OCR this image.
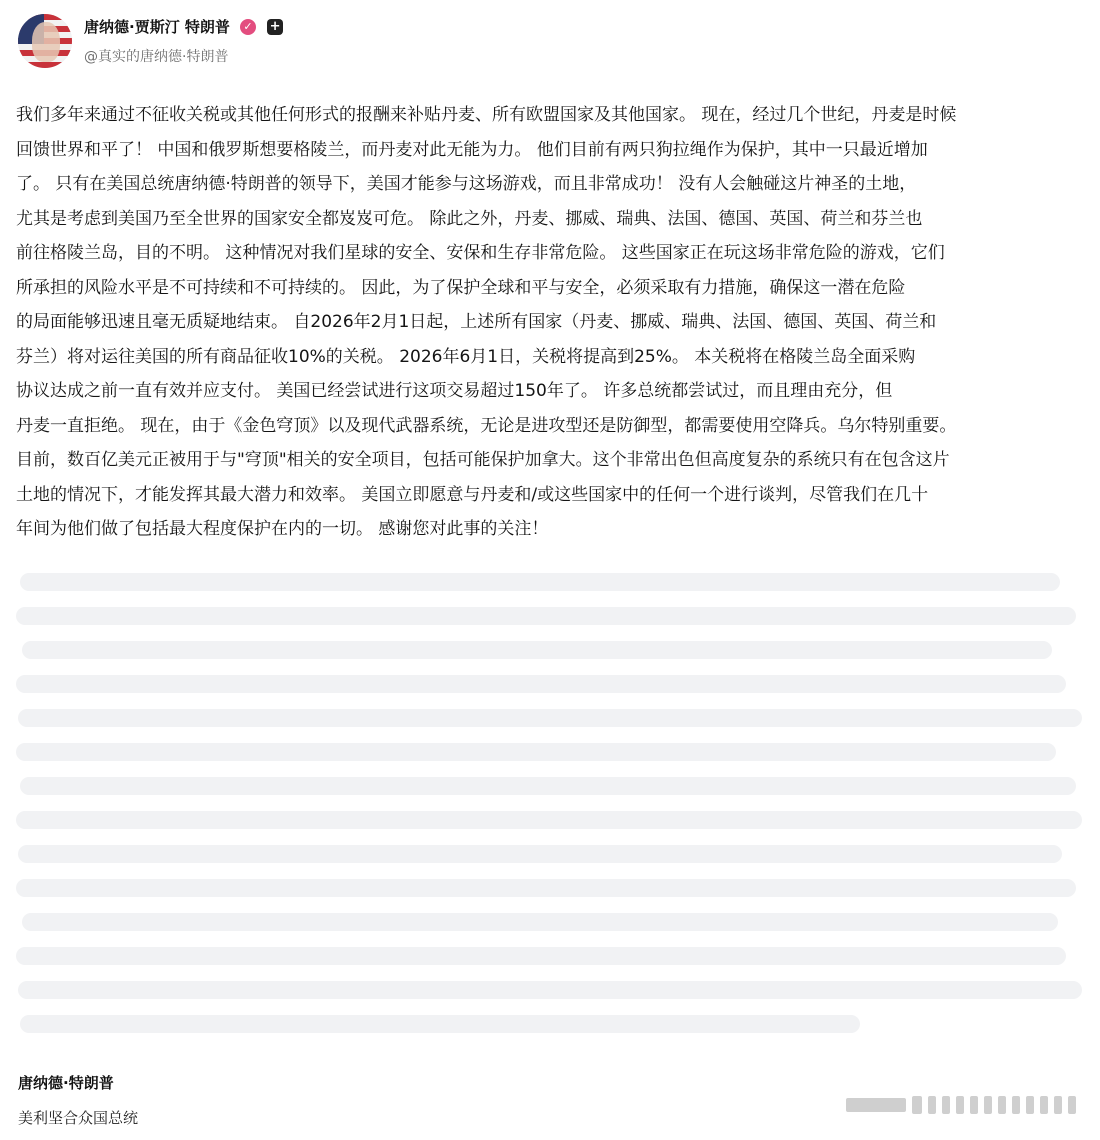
唐纳德·贾斯汀 特朗普 ✓ +
@真实的唐纳德·特朗普
我们多年来通过不征收关税或其他任何形式的报酬来补贴丹麦、所有欧盟国家及其他国家。 现在，经过几个世纪，丹麦是时候
回馈世界和平了！ 中国和俄罗斯想要格陵兰，而丹麦对此无能为力。 他们目前有两只狗拉绳作为保护，其中一只最近增加
了。 只有在美国总统唐纳德·特朗普的领导下，美国才能参与这场游戏，而且非常成功！ 没有人会触碰这片神圣的土地，
尤其是考虑到美国乃至全世界的国家安全都岌岌可危。 除此之外，丹麦、挪威、瑞典、法国、德国、英国、荷兰和芬兰也
前往格陵兰岛，目的不明。 这种情况对我们星球的安全、安保和生存非常危险。 这些国家正在玩这场非常危险的游戏，它们
所承担的风险水平是不可持续和不可持续的。 因此，为了保护全球和平与安全，必须采取有力措施，确保这一潜在危险
的局面能够迅速且毫无质疑地结束。 自2026年2月1日起，上述所有国家（丹麦、挪威、瑞典、法国、德国、英国、荷兰和
芬兰）将对运往美国的所有商品征收10%的关税。 2026年6月1日，关税将提高到25%。 本关税将在格陵兰岛全面采购
协议达成之前一直有效并应支付。 美国已经尝试进行这项交易超过150年了。 许多总统都尝试过，而且理由充分，但
丹麦一直拒绝。 现在，由于《金色穹顶》以及现代武器系统，无论是进攻型还是防御型，都需要使用空降兵。乌尔特别重要。
目前，数百亿美元正被用于与"穹顶"相关的安全项目，包括可能保护加拿大。这个非常出色但高度复杂的系统只有在包含这片
土地的情况下，才能发挥其最大潜力和效率。 美国立即愿意与丹麦和/或这些国家中的任何一个进行谈判，尽管我们在几十
年间为他们做了包括最大程度保护在内的一切。 感谢您对此事的关注！
唐纳德·特朗普
美利坚合众国总统
